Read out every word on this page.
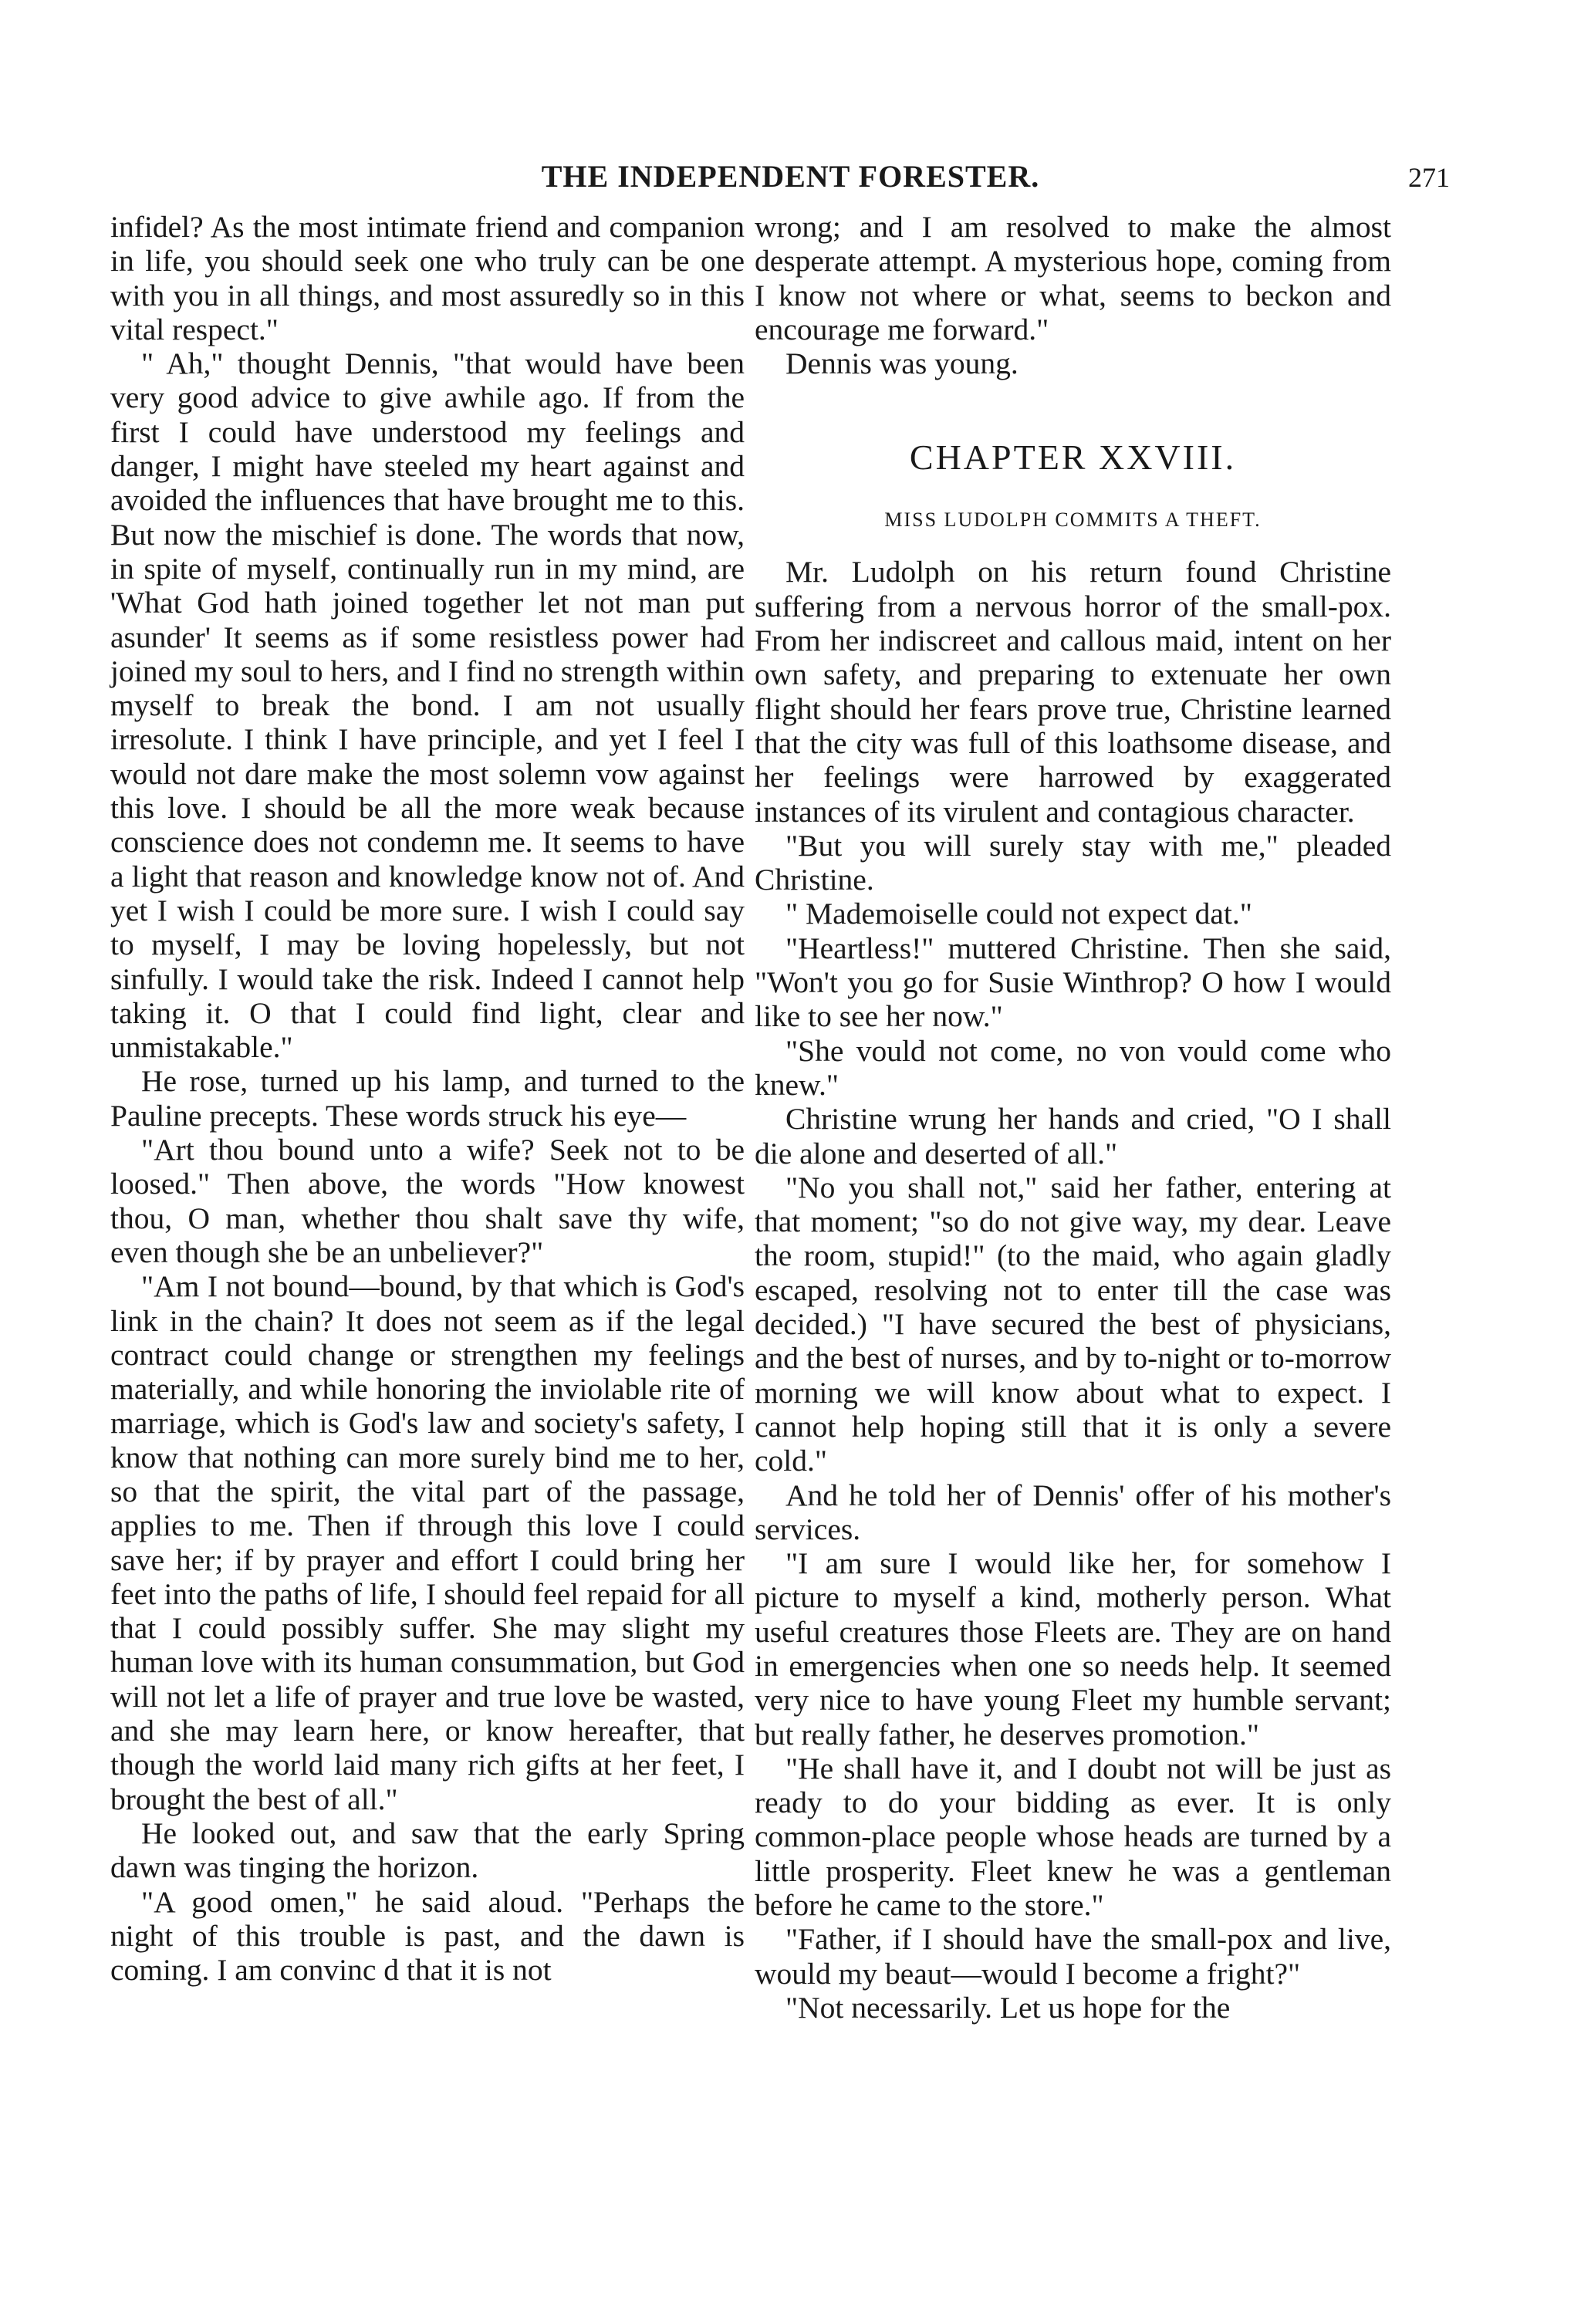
THE INDEPENDENT FORESTER.	271

infidel? As the most intimate friend and companion in life, you should seek one who truly can be one with you in all things, and most assuredly so in this vital respect."

" Ah," thought Dennis, "that would have been very good advice to give awhile ago. If from the first I could have understood my feelings and danger, I might have steeled my heart against and avoided the influences that have brought me to this. But now the mischief is done. The words that now, in spite of myself, continually run in my mind, are 'What God hath joined together let not man put asunder' It seems as if some resistless power had joined my soul to hers, and I find no strength within myself to break the bond. I am not usually irresolute. I think I have principle, and yet I feel I would not dare make the most solemn vow against this love. I should be all the more weak because conscience does not condemn me. It seems to have a light that reason and knowledge know not of. And yet I wish I could be more sure. I wish I could say to myself, I may be loving hopelessly, but not sinfully. I would take the risk. Indeed I cannot help taking it. O that I could find light, clear and unmistakable."

He rose, turned up his lamp, and turned to the Pauline precepts. These words struck his eye—

"Art thou bound unto a wife? Seek not to be loosed." Then above, the words "How knowest thou, O man, whether thou shalt save thy wife, even though she be an unbeliever?"

"Am I not bound—bound, by that which is God's link in the chain? It does not seem as if the legal contract could change or strengthen my feelings materially, and while honoring the inviolable rite of marriage, which is God's law and society's safety, I know that nothing can more surely bind me to her, so that the spirit, the vital part of the passage, applies to me. Then if through this love I could save her; if by prayer and effort I could bring her feet into the paths of life, I should feel repaid for all that I could possibly suffer. She may slight my human love with its human consummation, but God will not let a life of prayer and true love be wasted, and she may learn here, or know hereafter, that though the world laid many rich gifts at her feet, I brought the best of all."

He looked out, and saw that the early Spring dawn was tinging the horizon.

"A good omen," he said aloud. "Perhaps the night of this trouble is past, and the dawn is coming. I am convinc d that it is not

wrong; and I am resolved to make the almost desperate attempt. A mysterious hope, coming from I know not where or what, seems to beckon and encourage me forward."

Dennis was young.

CHAPTER XXVIII.
MISS LUDOLPH COMMITS A THEFT.

Mr. Ludolph on his return found Christine suffering from a nervous horror of the small-pox. From her indiscreet and callous maid, intent on her own safety, and preparing to extenuate her own flight should her fears prove true, Christine learned that the city was full of this loathsome disease, and her feelings were harrowed by exaggerated instances of its virulent and contagious character.

"But you will surely stay with me," pleaded Christine.

" Mademoiselle could not expect dat."

"Heartless!" muttered Christine. Then she said, "Won't you go for Susie Winthrop? O how I would like to see her now."

"She vould not come, no von vould come who knew."

Christine wrung her hands and cried, "O I shall die alone and deserted of all."

"No you shall not," said her father, entering at that moment; "so do not give way, my dear. Leave the room, stupid!" (to the maid, who again gladly escaped, resolving not to enter till the case was decided.) "I have secured the best of physicians, and the best of nurses, and by to-night or to-morrow morning we will know about what to expect. I cannot help hoping still that it is only a severe cold."

And he told her of Dennis' offer of his mother's services.

"I am sure I would like her, for somehow I picture to myself a kind, motherly person. What useful creatures those Fleets are. They are on hand in emergencies when one so needs help. It seemed very nice to have young Fleet my humble servant; but really father, he deserves promotion."

"He shall have it, and I doubt not will be just as ready to do your bidding as ever. It is only common-place people whose heads are turned by a little prosperity. Fleet knew he was a gentleman before he came to the store."

"Father, if I should have the small-pox and live, would my beaut—would I become a fright?"

"Not necessarily. Let us hope for the
